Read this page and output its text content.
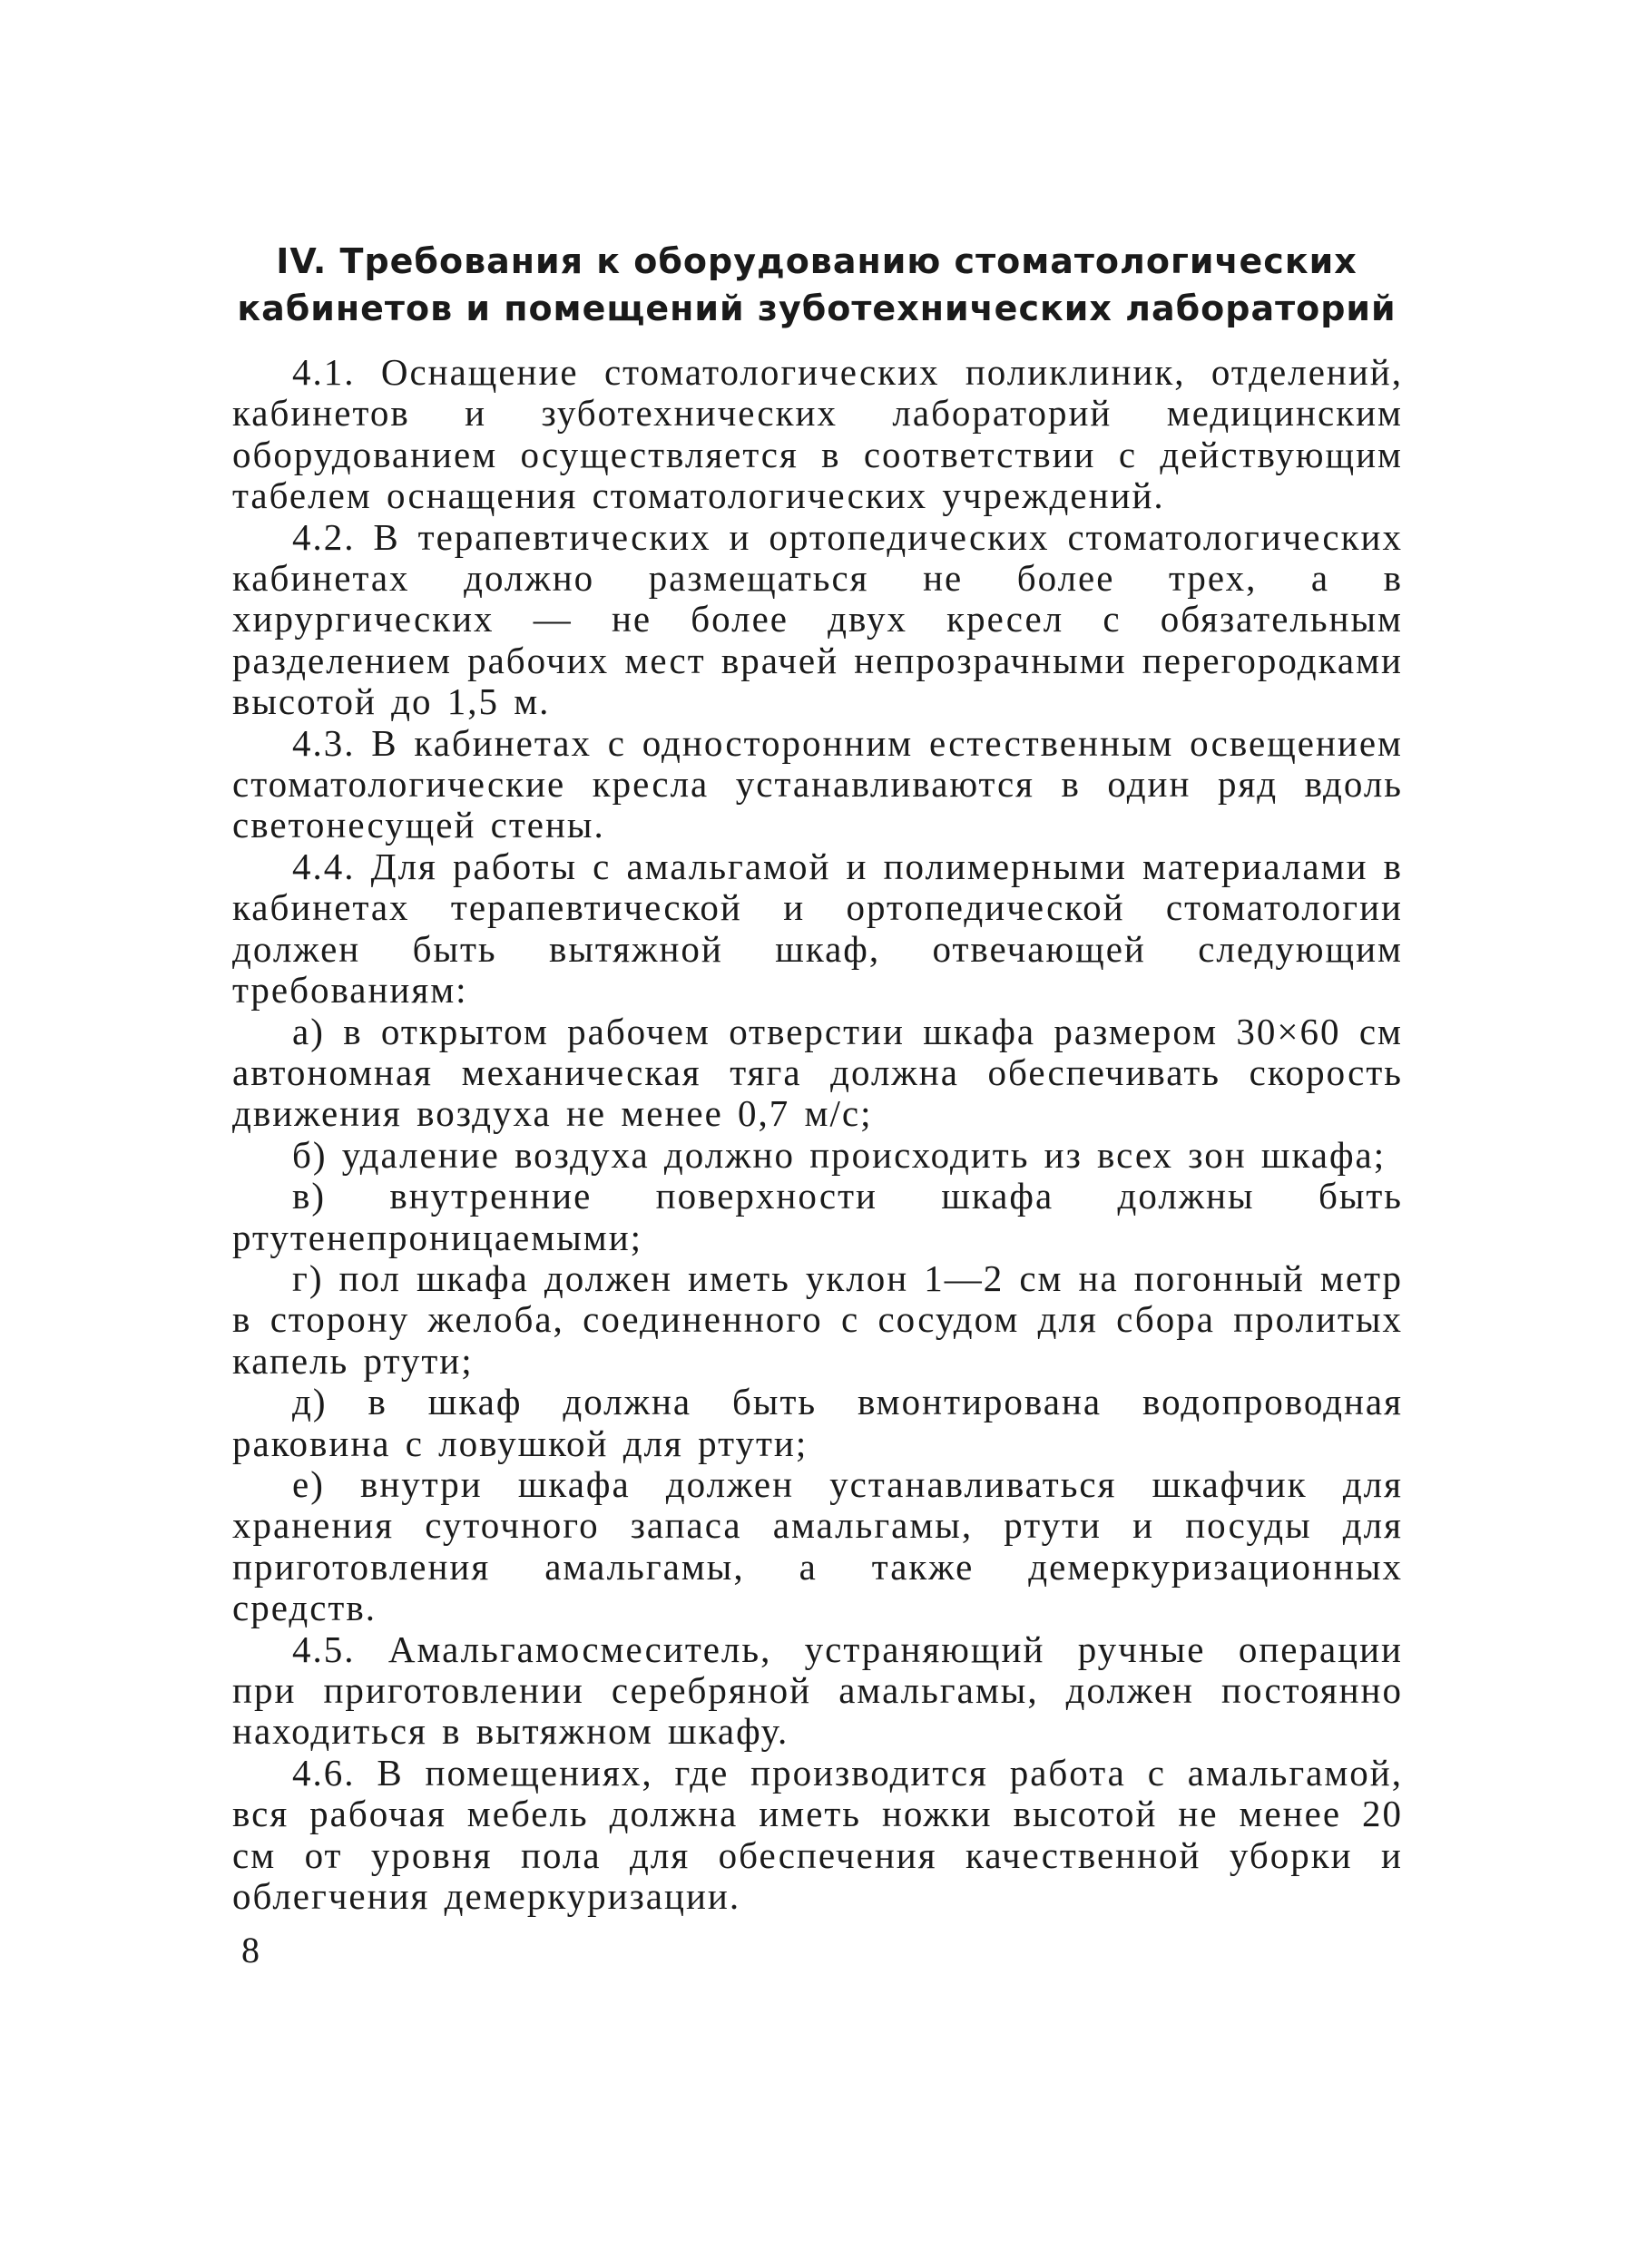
IV. Требования к оборудованию стоматологических
кабинетов и помещений зуботехнических лабораторий

4.1. Оснащение стоматологических поликлиник, отделений, кабинетов и зуботехнических лабораторий медицинским оборудованием осуществляется в соответствии с действующим табелем оснащения стоматологических учреждений.

4.2. В терапевтических и ортопедических стоматологических кабинетах должно размещаться не более трех, а в хирургических — не более двух кресел с обязательным разделением рабочих мест врачей непрозрачными перегородками высотой до 1,5 м.

4.3. В кабинетах с односторонним естественным освещением стоматологические кресла устанавливаются в один ряд вдоль светонесущей стены.

4.4. Для работы с амальгамой и полимерными материалами в кабинетах терапевтической и ортопедической стоматологии должен быть вытяжной шкаф, отвечающей следующим требованиям:

а) в открытом рабочем отверстии шкафа размером 30×60 см автономная механическая тяга должна обеспечивать скорость движения воздуха не менее 0,7 м/с;

б) удаление воздуха должно происходить из всех зон шкафа;

в) внутренние поверхности шкафа должны быть ртутенепроницаемыми;

г) пол шкафа должен иметь уклон 1—2 см на погонный метр в сторону желоба, соединенного с сосудом для сбора пролитых капель ртути;

д) в шкаф должна быть вмонтирована водопроводная раковина с ловушкой для ртути;

е) внутри шкафа должен устанавливаться шкафчик для хранения суточного запаса амальгамы, ртути и посуды для приготовления амальгамы, а также демеркуризационных средств.

4.5. Амальгамосмеситель, устраняющий ручные операции при приготовлении серебряной амальгамы, должен постоянно находиться в вытяжном шкафу.

4.6. В помещениях, где производится работа с амальгамой, вся рабочая мебель должна иметь ножки высотой не менее 20 см от уровня пола для обеспечения качественной уборки и облегчения демеркуризации.

8
